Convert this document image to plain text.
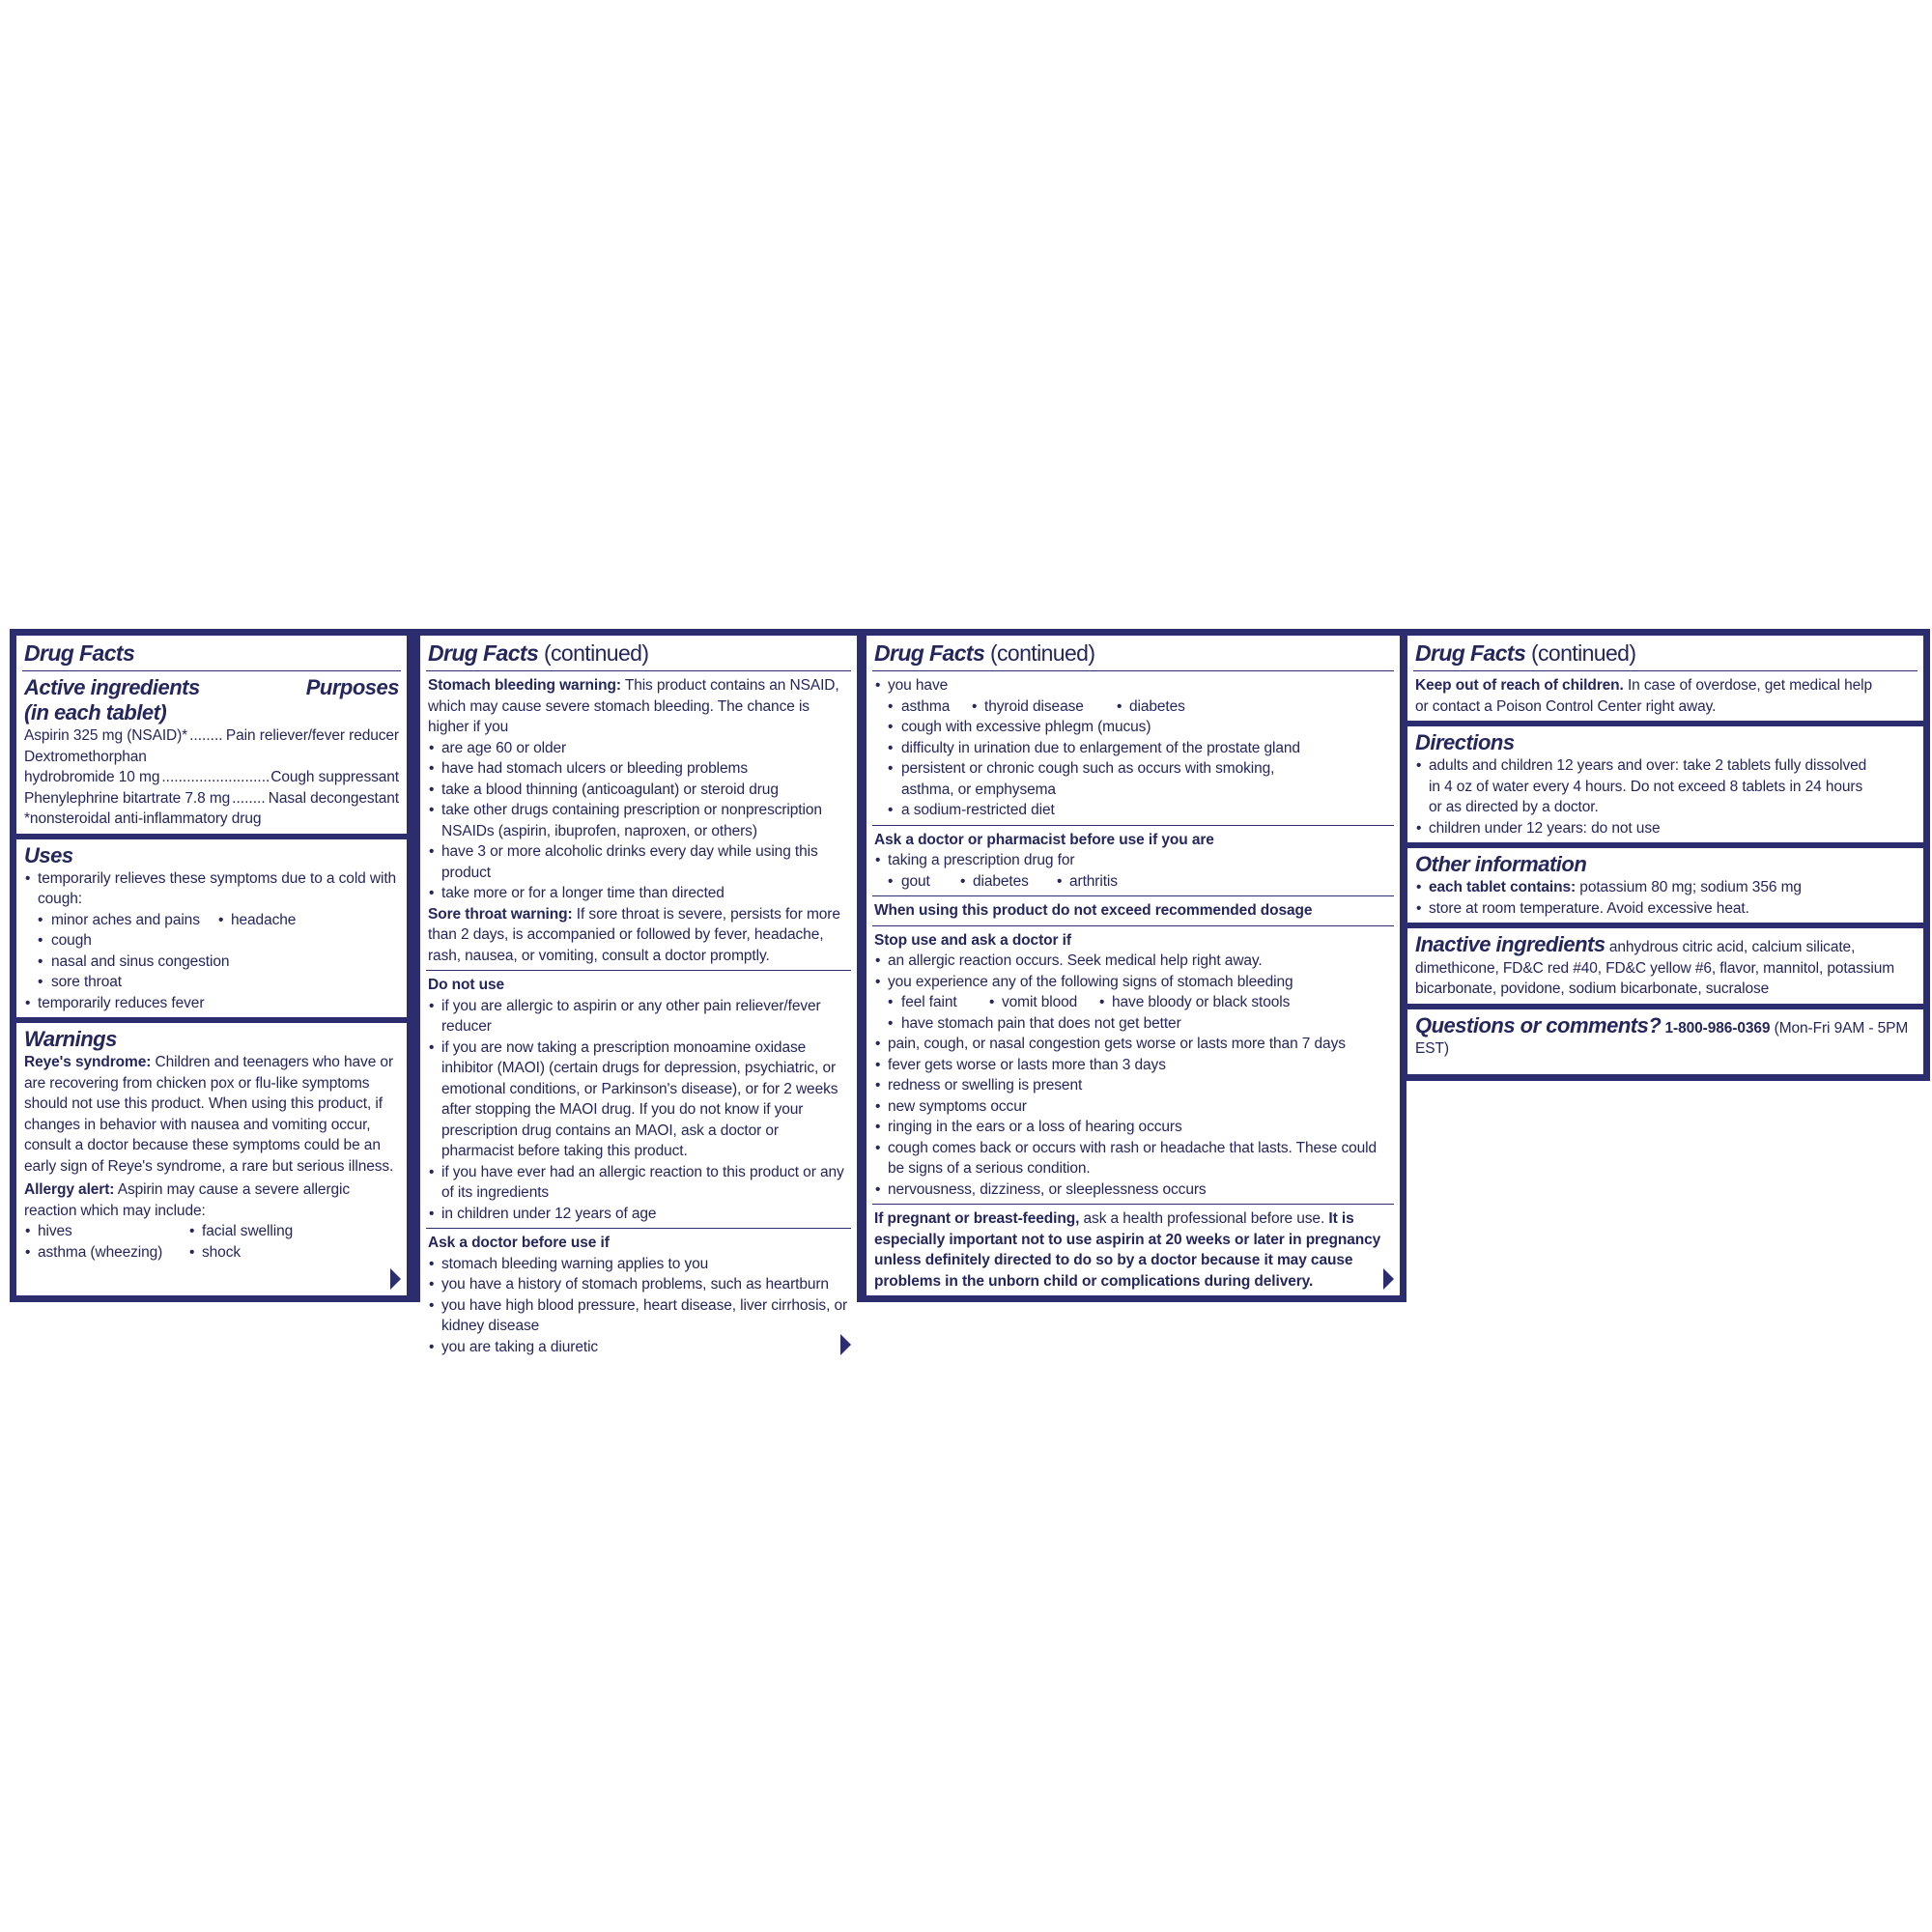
Drug Facts
Active ingredients	Purposes
(in each tablet)
Aspirin 325 mg (NSAID)* .....	Pain reliever/fever reducer
Dextromethorphan
hydrobromide 10 mg .....	Cough suppressant
Phenylephrine bitartrate 7.8 mg .....	Nasal decongestant
*nonsteroidal anti-inflammatory drug
Uses
• temporarily relieves these symptoms due to a cold with cough:
• minor aches and pains	• headache
• cough
• nasal and sinus congestion
• sore throat
• temporarily reduces fever
Warnings
Reye's syndrome: Children and teenagers who have or are recovering from chicken pox or flu-like symptoms should not use this product. When using this product, if changes in behavior with nausea and vomiting occur, consult a doctor because these symptoms could be an early sign of Reye's syndrome, a rare but serious illness.
Allergy alert: Aspirin may cause a severe allergic reaction which may include:
• hives	• facial swelling
• asthma (wheezing)	• shock
Drug Facts (continued)
Stomach bleeding warning: This product contains an NSAID, which may cause severe stomach bleeding. The chance is higher if you
• are age 60 or older
• have had stomach ulcers or bleeding problems
• take a blood thinning (anticoagulant) or steroid drug
• take other drugs containing prescription or nonprescription NSAIDs (aspirin, ibuprofen, naproxen, or others)
• have 3 or more alcoholic drinks every day while using this product
• take more or for a longer time than directed
Sore throat warning: If sore throat is severe, persists for more than 2 days, is accompanied or followed by fever, headache, rash, nausea, or vomiting, consult a doctor promptly.
Do not use
• if you are allergic to aspirin or any other pain reliever/fever reducer
• if you are now taking a prescription monoamine oxidase inhibitor (MAOI) (certain drugs for depression, psychiatric, or emotional conditions, or Parkinson's disease), or for 2 weeks after stopping the MAOI drug. If you do not know if your prescription drug contains an MAOI, ask a doctor or pharmacist before taking this product.
• if you have ever had an allergic reaction to this product or any of its ingredients
• in children under 12 years of age
Ask a doctor before use if
• stomach bleeding warning applies to you
• you have a history of stomach problems, such as heartburn
• you have high blood pressure, heart disease, liver cirrhosis, or kidney disease
• you are taking a diuretic
Drug Facts (continued)
• you have
• asthma	• thyroid disease	• diabetes
• cough with excessive phlegm (mucus)
• difficulty in urination due to enlargement of the prostate gland
• persistent or chronic cough such as occurs with smoking, asthma, or emphysema
• a sodium-restricted diet
Ask a doctor or pharmacist before use if you are
• taking a prescription drug for
• gout	• diabetes	• arthritis
When using this product do not exceed recommended dosage
Stop use and ask a doctor if
• an allergic reaction occurs. Seek medical help right away.
• you experience any of the following signs of stomach bleeding
• feel faint	• vomit blood	• have bloody or black stools
• have stomach pain that does not get better
• pain, cough, or nasal congestion gets worse or lasts more than 7 days
• fever gets worse or lasts more than 3 days
• redness or swelling is present
• new symptoms occur
• ringing in the ears or a loss of hearing occurs
• cough comes back or occurs with rash or headache that lasts. These could be signs of a serious condition.
• nervousness, dizziness, or sleeplessness occurs
If pregnant or breast-feeding, ask a health professional before use. It is especially important not to use aspirin at 20 weeks or later in pregnancy unless definitely directed to do so by a doctor because it may cause problems in the unborn child or complications during delivery.
Drug Facts (continued)
Keep out of reach of children. In case of overdose, get medical help or contact a Poison Control Center right away.
Directions
• adults and children 12 years and over: take 2 tablets fully dissolved in 4 oz of water every 4 hours. Do not exceed 8 tablets in 24 hours or as directed by a doctor.
• children under 12 years: do not use
Other information
• each tablet contains: potassium 80 mg; sodium 356 mg
• store at room temperature. Avoid excessive heat.
Inactive ingredients anhydrous citric acid, calcium silicate, dimethicone, FD&C red #40, FD&C yellow #6, flavor, mannitol, potassium bicarbonate, povidone, sodium bicarbonate, sucralose
Questions or comments? 1-800-986-0369 (Mon-Fri 9AM - 5PM EST)
